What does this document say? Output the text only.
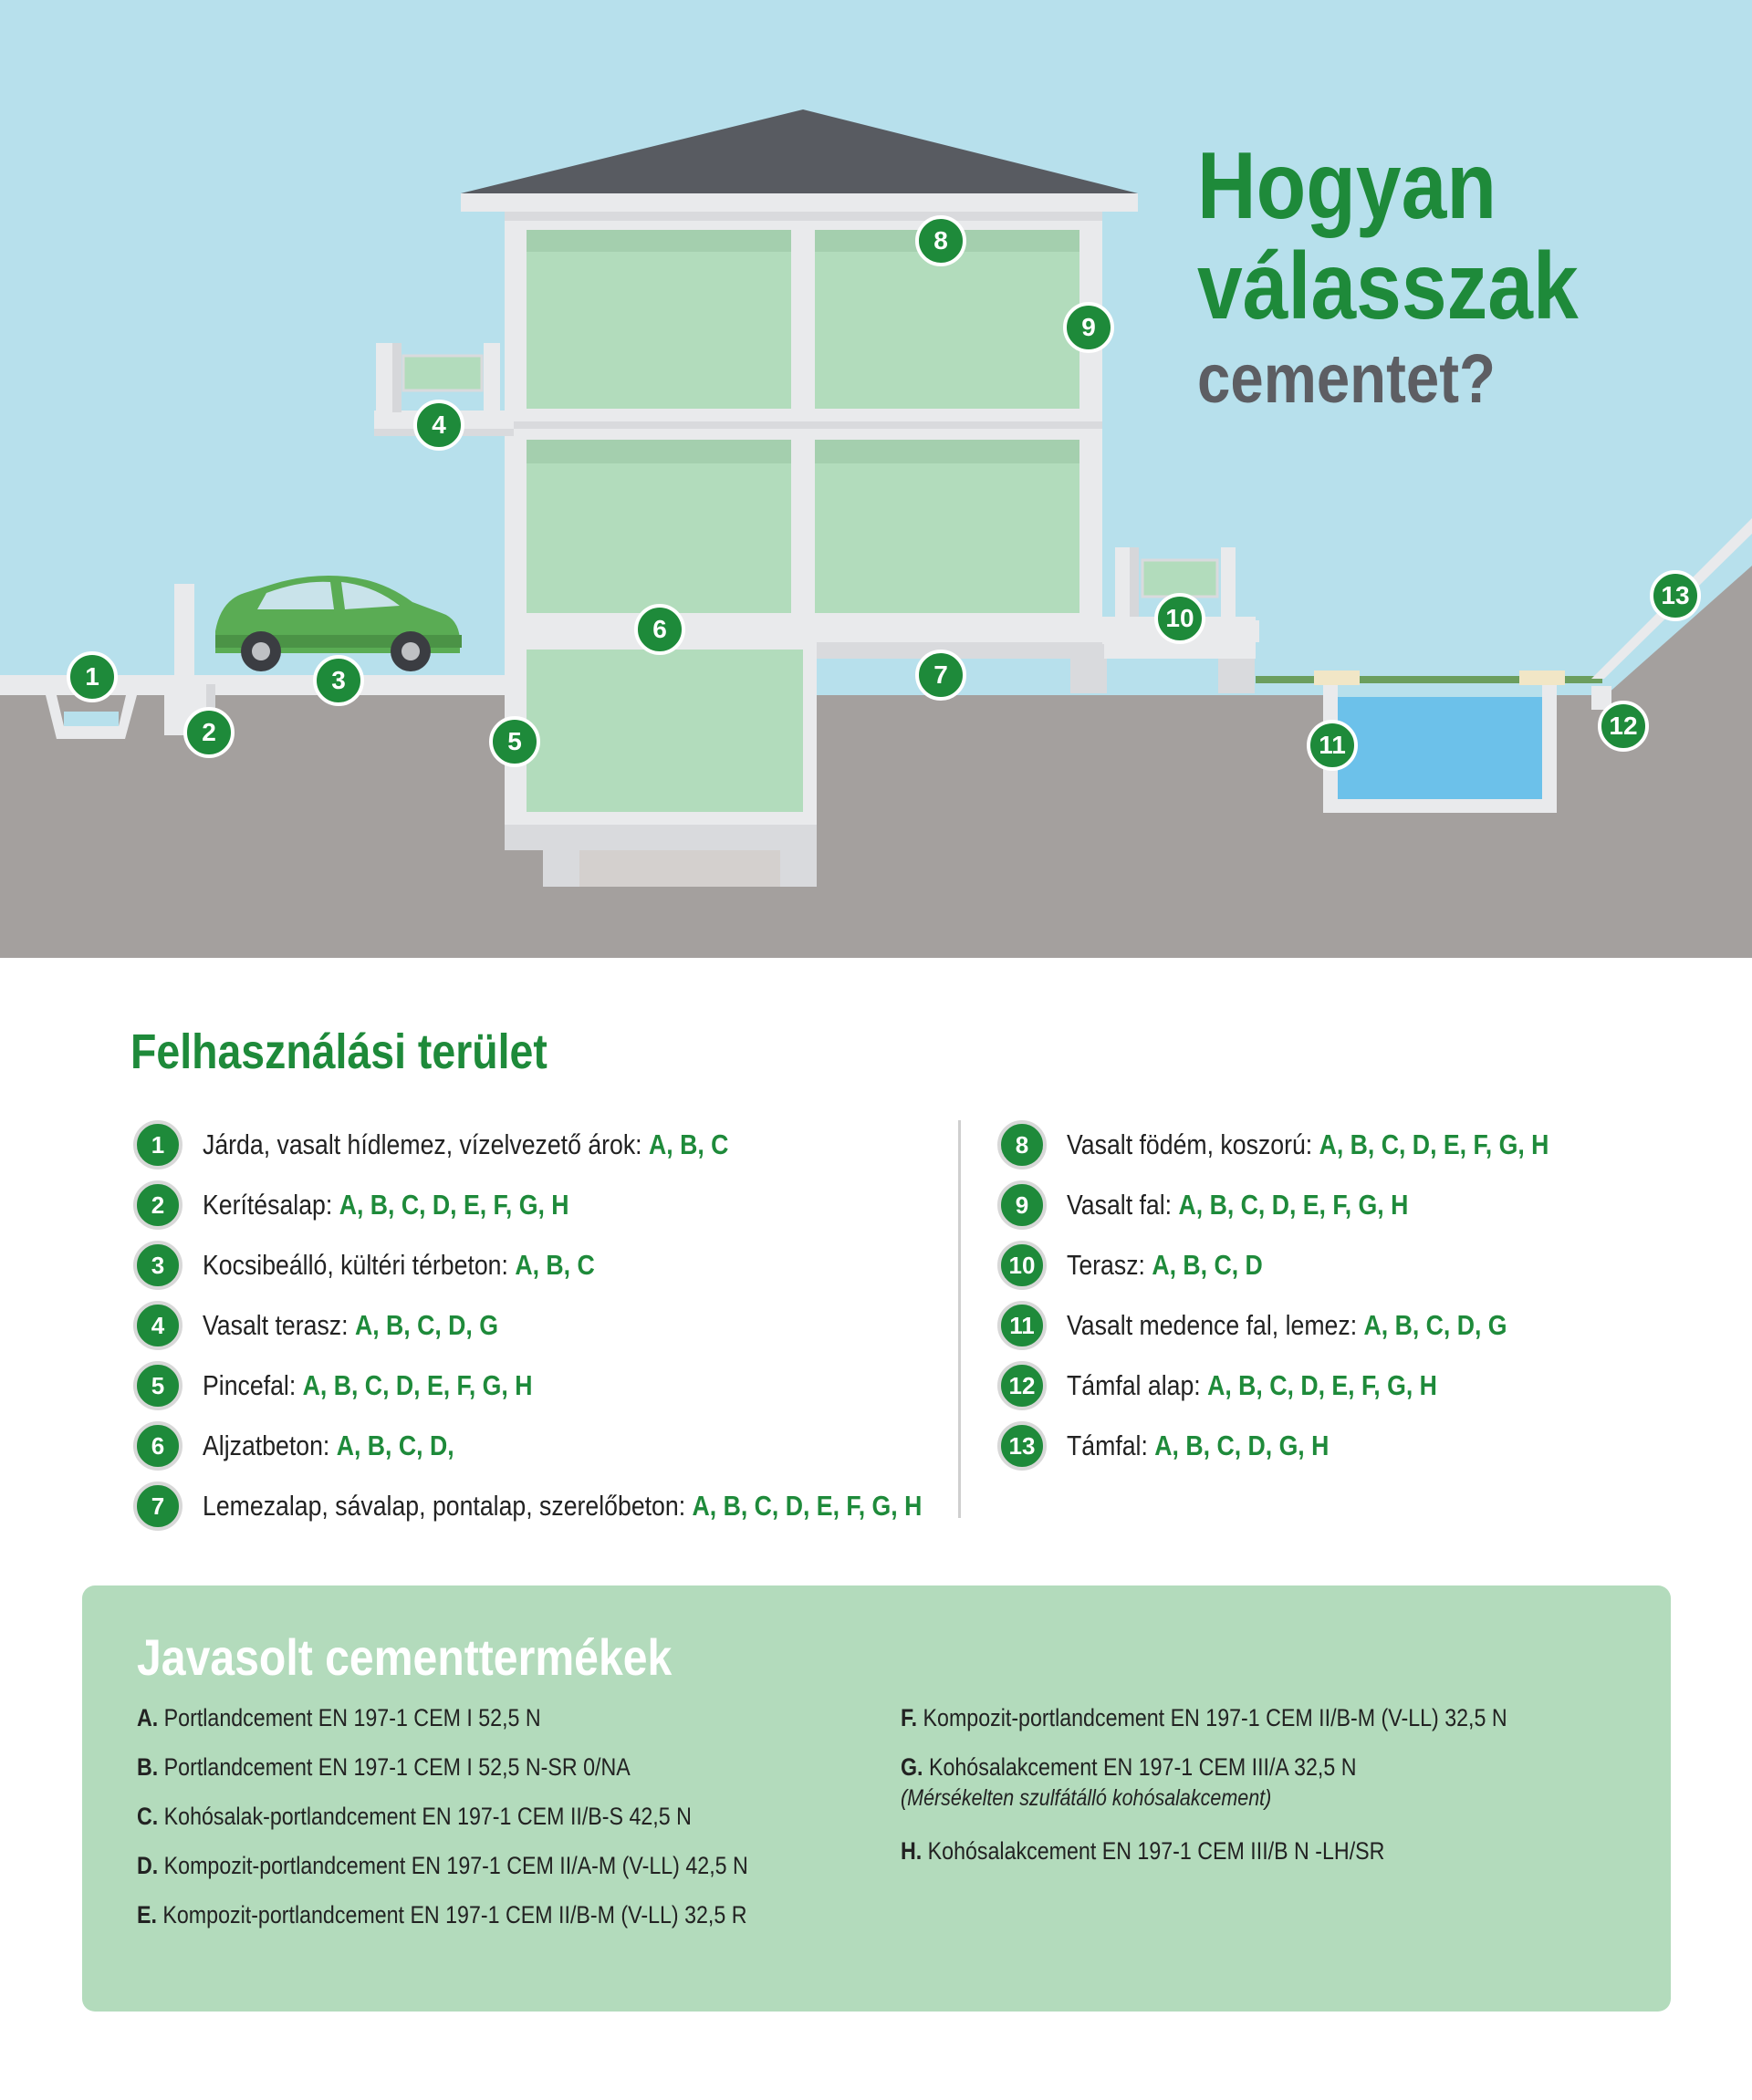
1
2
3
4
5
6
7
8
9
10
11
12
13
Hogyan
válasszak
cementet?
Felhasználási terület
1	Járda, vasalt hídlemez, vízelvezető árok: A, B, C
2	Kerítésalap: A, B, C, D, E, F, G, H
3	Kocsibeálló, kültéri térbeton: A, B, C
4	Vasalt terasz: A, B, C, D, G
5	Pincefal: A, B, C, D, E, F, G, H
6	Aljzatbeton: A, B, C, D,
7	Lemezalap, sávalap, pontalap, szerelőbeton: A, B, C, D, E, F, G, H
8	Vasalt födém, koszorú: A, B, C, D, E, F, G, H
9	Vasalt fal: A, B, C, D, E, F, G, H
10	Terasz: A, B, C, D
11	Vasalt medence fal, lemez: A, B, C, D, G
12	Támfal alap: A, B, C, D, E, F, G, H
13	Támfal: A, B, C, D, G, H
Javasolt cementtermékek
A. Portlandcement EN 197-1 CEM I 52,5 N
B. Portlandcement EN 197-1 CEM I 52,5 N-SR 0/NA
C. Kohósalak-portlandcement EN 197-1 CEM II/B-S 42,5 N
D. Kompozit-portlandcement EN 197-1 CEM II/A-M (V-LL) 42,5 N
E. Kompozit-portlandcement EN 197-1 CEM II/B-M (V-LL) 32,5 R
F. Kompozit-portlandcement EN 197-1 CEM II/B-M (V-LL) 32,5 N
G. Kohósalakcement EN 197-1 CEM III/A 32,5 N
(Mérsékelten szulfátálló kohósalakcement)
H. Kohósalakcement EN 197-1 CEM III/B N -LH/SR
